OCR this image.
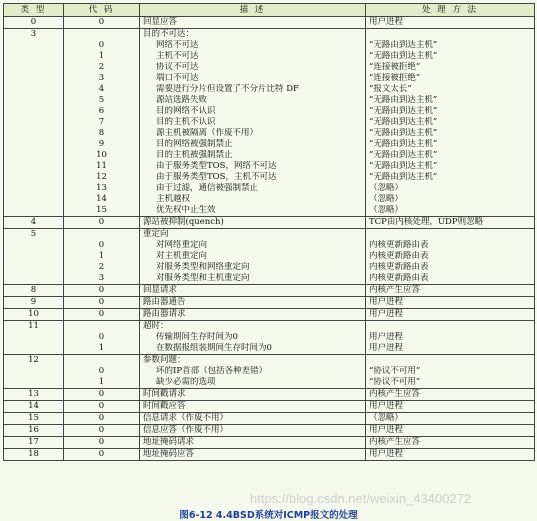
类 型	代 码	描 述	处 理 方 法
0	0	回显应答	用户进程
3		目的不可达：	
	0	网络不可达	“无路由到达主机”
	1	主机不可达	“无路由到达主机”
	2	协议不可达	“连接被拒绝”
	3	端口不可达	“连接被拒绝”
	4	需要进行分片但设置了不分片比特 DF	“报文太长”
	5	源站选路失败	“无路由到达主机”
	6	目的网络不认识	“无路由到达主机”
	7	目的主机不认识	“无路由到达主机”
	8	源主机被隔离（作废不用）	“无路由到达主机”
	9	目的网络被强制禁止	“无路由到达主机”
	10	目的主机被强制禁止	“无路由到达主机”
	11	由于服务类型TOS，网络不可达	“无路由到达主机”
	12	由于服务类型TOS，主机不可达	“无路由到达主机”
	13	由于过滤，通信被强制禁止	（忽略）
	14	主机越权	（忽略）
	15	优先权中止生效	（忽略）
4	0	源站被抑制(quench)	TCP由内核处理，UDP则忽略
5		重定向	
	0	对网络重定向	内核更新路由表
	1	对主机重定向	内核更新路由表
	2	对服务类型和网络重定向	内核更新路由表
	3	对服务类型和主机重定向	内核更新路由表
8	0	回显请求	内核产生应答
9	0	路由器通告	用户进程
10	0	路由器请求	用户进程
11		超时：	
	0	传输期间生存时间为0	用户进程
	1	在数据报组装期间生存时间为0	用户进程
12		参数问题：	
	0	坏的IP首部（包括各种差错）	“协议不可用”
	1	缺少必需的选项	“协议不可用”
13	0	时间戳请求	内核产生应答
14	0	时间戳应答	用户进程
15	0	信息请求（作废不用）	（忽略）
16	0	信息应答（作废不用）	用户进程
17	0	地址掩码请求	内核产生应答
18	0	地址掩码应答	用户进程
https://blog.csdn.net/weixin_43400272
图6-12 4.4BSD系统对ICMP报文的处理
